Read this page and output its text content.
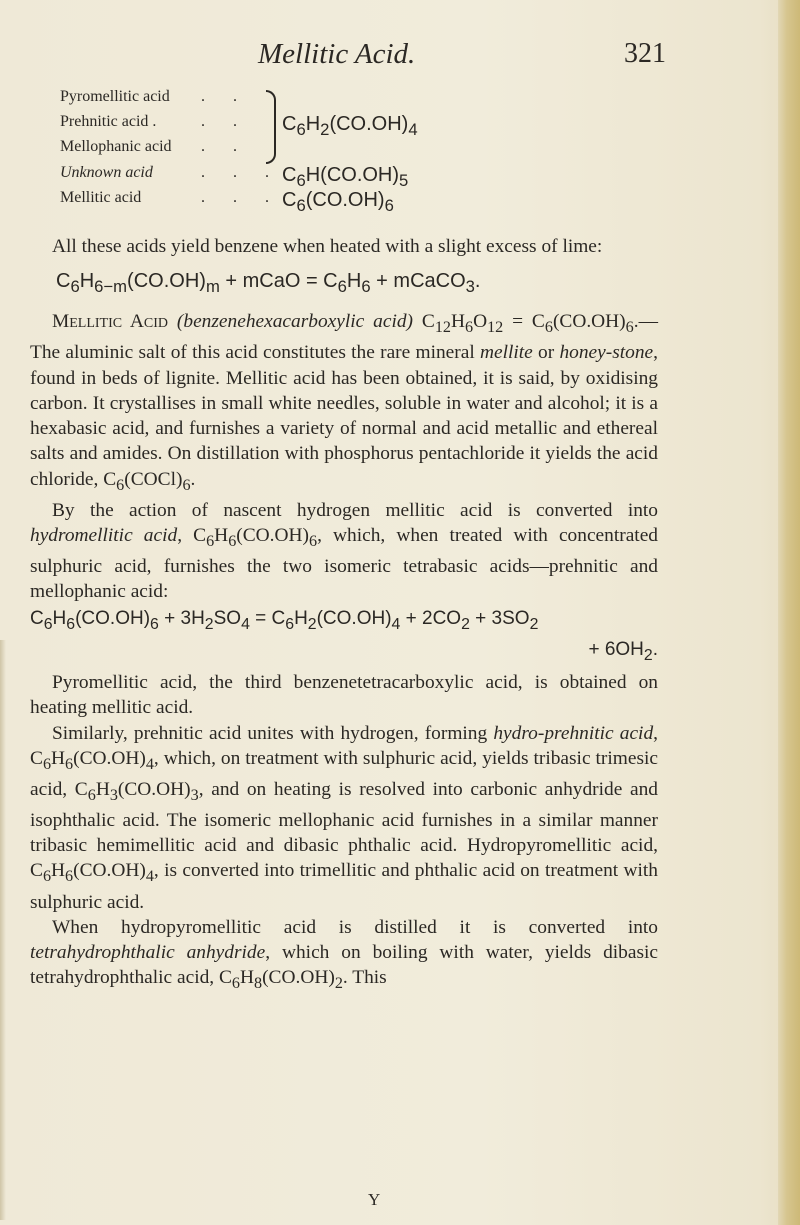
Mellitic Acid.	321
Pyromellitic acid . .
Prehnitic acid .	. . $C_6H_2(CO.OH)_4$
Mellophanic acid . .
Unknown acid	. . . $C_6H(CO.OH)_5$
Mellitic acid	. . . $C_6(CO.OH)_6$

All these acids yield benzene when heated with a slight excess of lime:

$C_6H_{6-m}(CO.OH)_m$ + mCaO = $C_6H_6$ + mCaCO$_3$.

Mellitic Acid (benzenehexacarboxylic acid) $C_{12}H_6O_{12}$ = $C_6(CO.OH)_6.—The$ aluminic salt of this acid constitutes the rare mineral mellite or honey-stone, found in beds of lignite. Mellitic acid has been obtained, it is said, by oxidising carbon. It crystallises in small white needles, soluble in water and alcohol; it is a hexabasic acid, and furnishes a variety of normal and acid metallic and ethereal salts and amides. On distillation with phosphorus pentachloride it yields the acid chloride, $C_6(COCl)_6$.

By the action of nascent hydrogen mellitic acid is converted into hydromellitic acid, $C_6H_6(CO.OH)_6$, which, when treated with concentrated sulphuric acid, furnishes the two isomeric tetrabasic acids—prehnitic and mellophanic acid:

$C_6H_6(CO.OH)_6 + 3H_2SO_4 = C_6H_2(CO.OH)_4 + 2CO_2 + 3SO_2$
+ $6OH_2$.

Pyromellitic acid, the third benzenetetracarboxylic acid, is obtained on heating mellitic acid.

Similarly, prehnitic acid unites with hydrogen, forming hydro-prehnitic acid, $C_6H_6(CO.OH)_4$, which, on treatment with sulphuric acid, yields tribasic trimesic acid, $C_6H_3(CO.OH)_3$, and on heating is resolved into carbonic anhydride and isophthalic acid. The isomeric mellophanic acid furnishes in a similar manner tribasic hemimellitic acid and dibasic phthalic acid. Hydropyromellitic acid, $C_6H_6(CO.OH)_4$, is converted into trimellitic and phthalic acid on treatment with sulphuric acid.

When hydropyromellitic acid is distilled it is converted into tetrahydrophthalic anhydride, which on boiling with water, yields dibasic tetrahydrophthalic acid, $C_6H_8(CO.OH)_2$. This

Y
